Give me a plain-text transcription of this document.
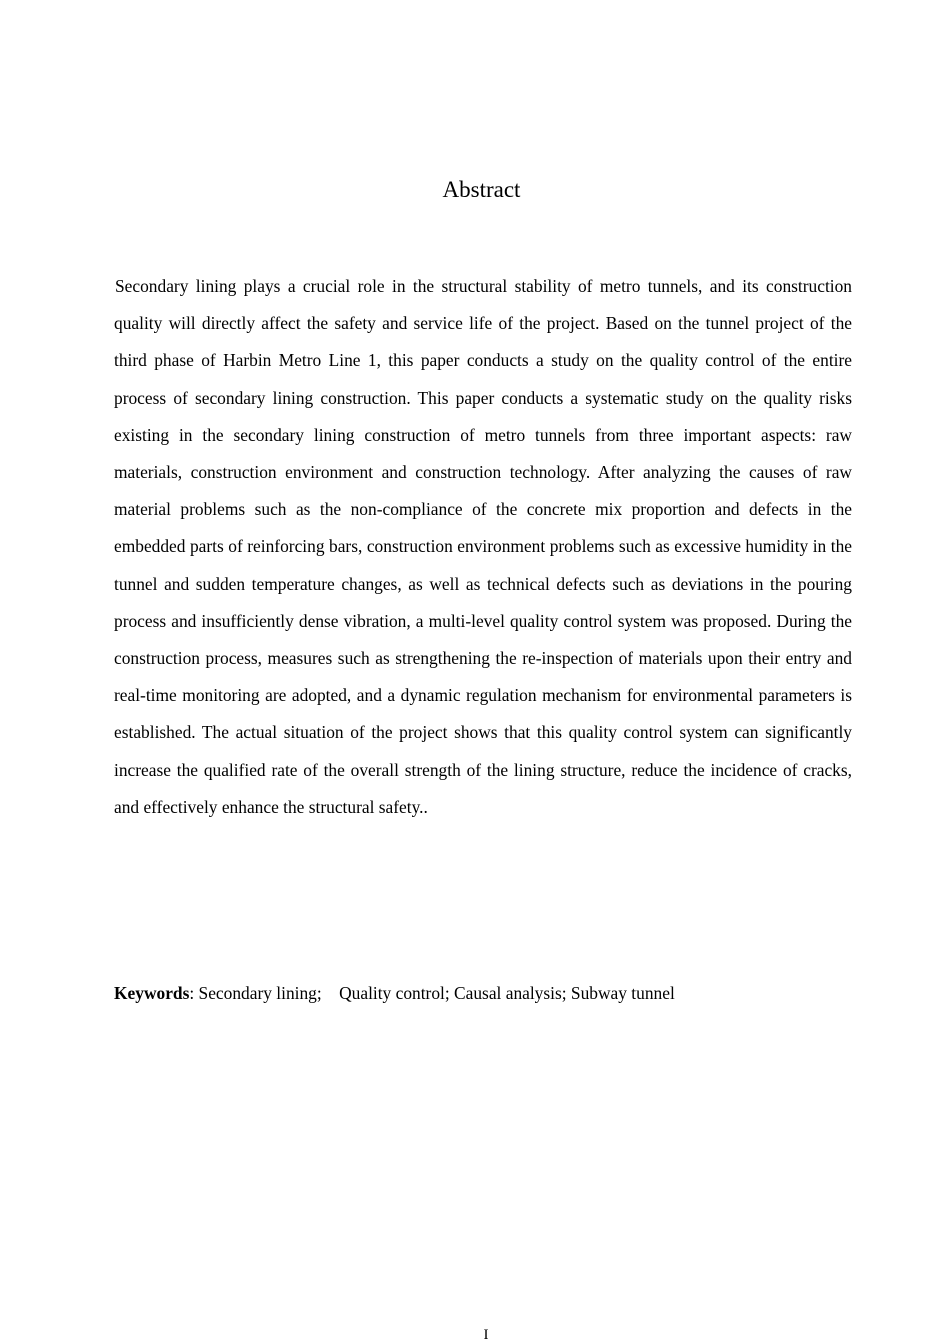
Abstract

Secondary lining plays a crucial role in the structural stability of metro tunnels, and its construction quality will directly affect the safety and service life of the project. Based on the tunnel project of the third phase of Harbin Metro Line 1, this paper conducts a study on the quality control of the entire process of secondary lining construction. This paper conducts a systematic study on the quality risks existing in the secondary lining construction of metro tunnels from three important aspects: raw materials, construction environment and construction technology. After analyzing the causes of raw material problems such as the non-compliance of the concrete mix proportion and defects in the embedded parts of reinforcing bars, construction environment problems such as excessive humidity in the tunnel and sudden temperature changes, as well as technical defects such as deviations in the pouring process and insufficiently dense vibration, a multi-level quality control system was proposed. During the construction process, measures such as strengthening the re-inspection of materials upon their entry and real-time monitoring are adopted, and a dynamic regulation mechanism for environmental parameters is established. The actual situation of the project shows that this quality control system can significantly increase the qualified rate of the overall strength of the lining structure, reduce the incidence of cracks, and effectively enhance the structural safety..

Keywords: Secondary lining;    Quality control; Causal analysis; Subway tunnel

I
